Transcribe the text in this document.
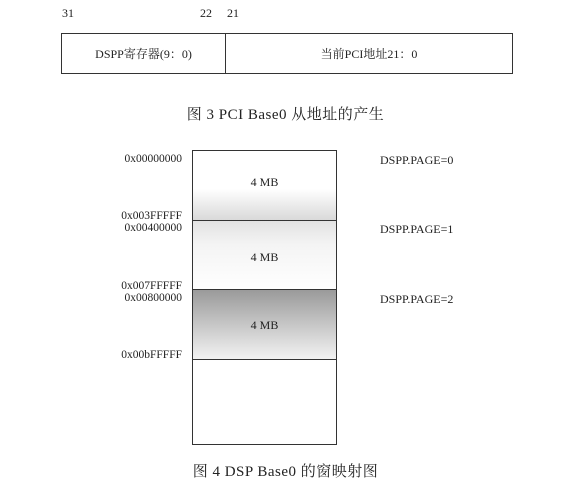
31	22 21
DSPP寄存器(9：0)	当前PCI地址21：0
图 3 PCI Base0 从地址的产生
0x00000000
0x003FFFFF
0x00400000
0x007FFFFF
0x00800000
0x00bFFFFF
4 MB
4 MB
4 MB
DSPP.PAGE=0
DSPP.PAGE=1
DSPP.PAGE=2
图 4 DSP Base0 的窗映射图
